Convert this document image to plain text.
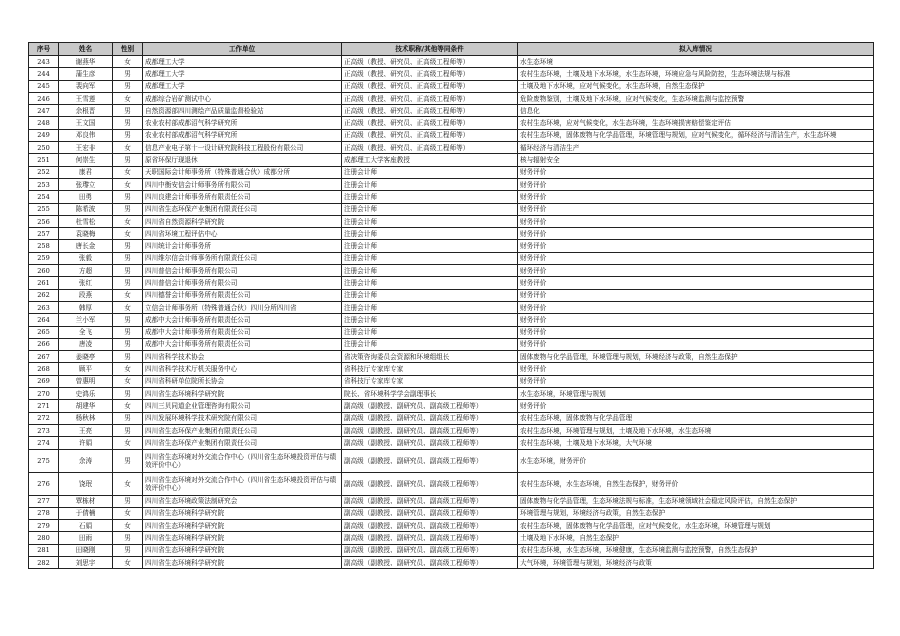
序号	姓名	性别	工作单位	技术职称/其他等同条件	拟入库情况
243	谢燕华	女	成都理工大学	正高级（教授、研究员、正高级工程师等）	水生态环境
244	蒲生彦	男	成都理工大学	正高级（教授、研究员、正高级工程师等）	农村生态环境，土壤及地下水环境，水生态环境，环境应急与风险防控，生态环境法规与标准
245	裴向军	男	成都理工大学	正高级（教授、研究员、正高级工程师等）	土壤及地下水环境，应对气候变化，水生态环境，自然生态保护
246	王雪莲	女	成都综合岩矿测试中心	正高级（教授、研究员、正高级工程师等）	危险废物鉴别，土壤及地下水环境，应对气候变化，生态环境监测与监控预警
247	余根晋	男	自然资源部四川测绘产品质量监督检验站	正高级（教授、研究员、正高级工程师等）	信息化
248	王文国	男	农业农村部成都沼气科学研究所	正高级（教授、研究员、正高级工程师等）	农村生态环境，应对气候变化，水生态环境，生态环境损害赔偿鉴定评估
249	邓良伟	男	农业农村部成都沼气科学研究所	正高级（教授、研究员、正高级工程师等）	农村生态环境，固体废物与化学品管理，环境管理与规划，应对气候变化，循环经济与清洁生产，水生态环境
250	王宏非	女	信息产业电子第十一设计研究院科技工程股份有限公司	正高级（教授、研究员、正高级工程师等）	循环经济与清洁生产
251	何崇生	男	原省环保厅现退休	成都理工大学客座教授	核与辐射安全
252	康君	女	天职国际会计师事务所（特殊普通合伙）成都分所	注册会计师	财务评价
253	张瓈立	女	四川中衡安信会计师事务所有限公司	注册会计师	财务评价
254	田勇	男	四川良建会计师事务所有限责任公司	注册会计师	财务评价
255	陈希波	男	四川省生态环保产业集团有限责任公司	注册会计师	财务评价
256	杜雪松	女	四川省自然资源科学研究院	注册会计师	财务评价
257	袁晓梅	女	四川省环境工程评估中心	注册会计师	财务评价
258	唐长金	男	四川统计会计师事务所	注册会计师	财务评价
259	张毅	男	四川维尔信会计师事务所有限责任公司	注册会计师	财务评价
260	方超	男	四川普信会计师事务所有限公司	注册会计师	财务评价
261	张红	男	四川普信会计师事务所有限公司	注册会计师	财务评价
262	段燕	女	四川德誉会计师事务所有限责任公司	注册会计师	财务评价
263	韩厚	女	立信会计师事务所（特殊普通合伙）四川分所四川省	注册会计师	财务评价
264	兰小军	男	成都中大会计师事务所有限责任公司	注册会计师	财务评价
265	全飞	男	成都中大会计师事务所有限责任公司	注册会计师	财务评价
266	唐凌	男	成都中大会计师事务所有限责任公司	注册会计师	财务评价
267	姜晓亭	男	四川省科学技术协会	省决策咨询委员会资源和环境组组长	固体废物与化学品管理，环境管理与规划，环境经济与政策，自然生态保护
268	顾平	女	四川省科学技术厅机关服务中心	省科技厅专家库专家	财务评价
269	曾惠明	女	四川省科研单位院所长协会	省科技厅专家库专家	财务评价
270	史鸿乐	男	四川省生态环境科学研究院	院长、省环境科学学会副理事长	水生态环境，环境管理与规划
271	胡建华	女	四川三贝同道企业管理咨询有限公司	副高级（副教授、副研究员、副高级工程师等）	财务评价
272	杨秋林	男	四川发展环境科学技术研究院有限公司	副高级（副教授、副研究员、副高级工程师等）	农村生态环境，固体废物与化学品管理
273	王亮	男	四川省生态环保产业集团有限责任公司	副高级（副教授、副研究员、副高级工程师等）	农村生态环境，环境管理与规划，土壤及地下水环境，水生态环境
274	许娟	女	四川省生态环保产业集团有限责任公司	副高级（副教授、副研究员、副高级工程师等）	农村生态环境，土壤及地下水环境，大气环境
275	余涛	男	四川省生态环境对外交流合作中心（四川省生态环境投资评估与绩效评价中心）	副高级（副教授、副研究员、副高级工程师等）	水生态环境，财务评价
276	饶珉	女	四川省生态环境对外交流合作中心（四川省生态环境投资评估与绩效评价中心）	副高级（副教授、副研究员、副高级工程师等）	农村生态环境，水生态环境，自然生态保护，财务评价
277	覃栋材	男	四川省生态环境政策法制研究会	副高级（副教授、副研究员、副高级工程师等）	固体废物与化学品管理，生态环境法规与标准，生态环境领域社会稳定风险评估，自然生态保护
278	于倩楠	女	四川省生态环境科学研究院	副高级（副教授、副研究员、副高级工程师等）	环境管理与规划，环境经济与政策，自然生态保护
279	石娟	女	四川省生态环境科学研究院	副高级（副教授、副研究员、副高级工程师等）	农村生态环境，固体废物与化学品管理，应对气候变化，水生态环境，环境管理与规划
280	田雨	男	四川省生态环境科学研究院	副高级（副教授、副研究员、副高级工程师等）	土壤及地下水环境，自然生态保护
281	田晓刚	男	四川省生态环境科学研究院	副高级（副教授、副研究员、副高级工程师等）	农村生态环境，水生态环境，环境健康，生态环境监测与监控预警，自然生态保护
282	刘思宇	女	四川省生态环境科学研究院	副高级（副教授、副研究员、副高级工程师等）	大气环境，环境管理与规划，环境经济与政策
